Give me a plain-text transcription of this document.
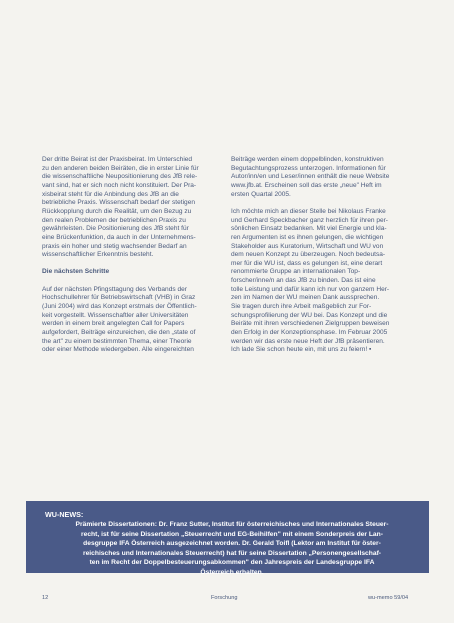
Der dritte Beirat ist der Praxisbeirat. Im Unterschied
zu den anderen beiden Beiräten, die in erster Linie für
die wissenschaftliche Neupositionierung des JfB rele-
vant sind, hat er sich noch nicht konstituiert. Der Pra-
xisbeirat steht für die Anbindung des JfB an die
betriebliche Praxis. Wissenschaft bedarf der stetigen
Rückkopplung durch die Realität, um den Bezug zu
den realen Problemen der betrieblichen Praxis zu
gewährleisten. Die Positionierung des JfB steht für
eine Brückenfunktion, da auch in der Unternehmens-
praxis ein hoher und stetig wachsender Bedarf an
wissenschaftlicher Erkenntnis besteht.
Die nächsten Schritte
Auf der nächsten Pfingsttagung des Verbands der
Hochschullehrer für Betriebswirtschaft (VHB) in Graz
(Juni 2004) wird das Konzept erstmals der Öffentlich-
keit vorgestellt. Wissenschaftler aller Universitäten
werden in einem breit angelegten Call for Papers
aufgefordert, Beiträge einzureichen, die den „state of
the art" zu einem bestimmten Thema, einer Theorie
oder einer Methode wiedergeben. Alle eingereichten
Beiträge werden einem doppelblinden, konstruktiven
Begutachtungsprozess unterzogen. Informationen für
Autor/inn/en und Leser/innen enthält die neue Website
www.jfb.at. Erscheinen soll das erste „neue" Heft im
ersten Quartal 2005.
Ich möchte mich an dieser Stelle bei Nikolaus Franke
und Gerhard Speckbacher ganz herzlich für ihren per-
sönlichen Einsatz bedanken. Mit viel Energie und kla-
ren Argumenten ist es ihnen gelungen, die wichtigen
Stakeholder aus Kuratorium, Wirtschaft und WU von
dem neuen Konzept zu überzeugen. Noch bedeutsa-
mer für die WU ist, dass es gelungen ist, eine derart
renommierte Gruppe an internationalen Top-
forscher/inne/n an das JfB zu binden. Das ist eine
tolle Leistung und dafür kann ich nur von ganzem Her-
zen im Namen der WU meinen Dank aussprechen.
Sie tragen durch ihre Arbeit maßgeblich zur For-
schungsprofilierung der WU bei. Das Konzept und die
Beiräte mit ihren verschiedenen Zielgruppen beweisen
den Erfolg in der Konzeptionsphase. Im Februar 2005
werden wir das erste neue Heft der JfB präsentieren.
Ich lade Sie schon heute ein, mit uns zu feiern! ▪
WU-NEWS:
Prämierte Dissertationen: Dr. Franz Sutter, Institut für österreichisches und Internationales Steuer-
recht, ist für seine Dissertation „Steuerrecht und EG-Beihilfen" mit einem Sonderpreis der Lan-
desgruppe IFA Österreich ausgezeichnet worden. Dr. Gerald Toifl (Lektor am Institut für öster-
reichisches und Internationales Steuerrecht) hat für seine Dissertation „Personengesellschaf-
ten im Recht der Doppelbesteuerungsabkommen" den Jahrespreis der Landesgruppe IFA
Österreich erhalten.
12	Forschung	wu-memo 59/04
